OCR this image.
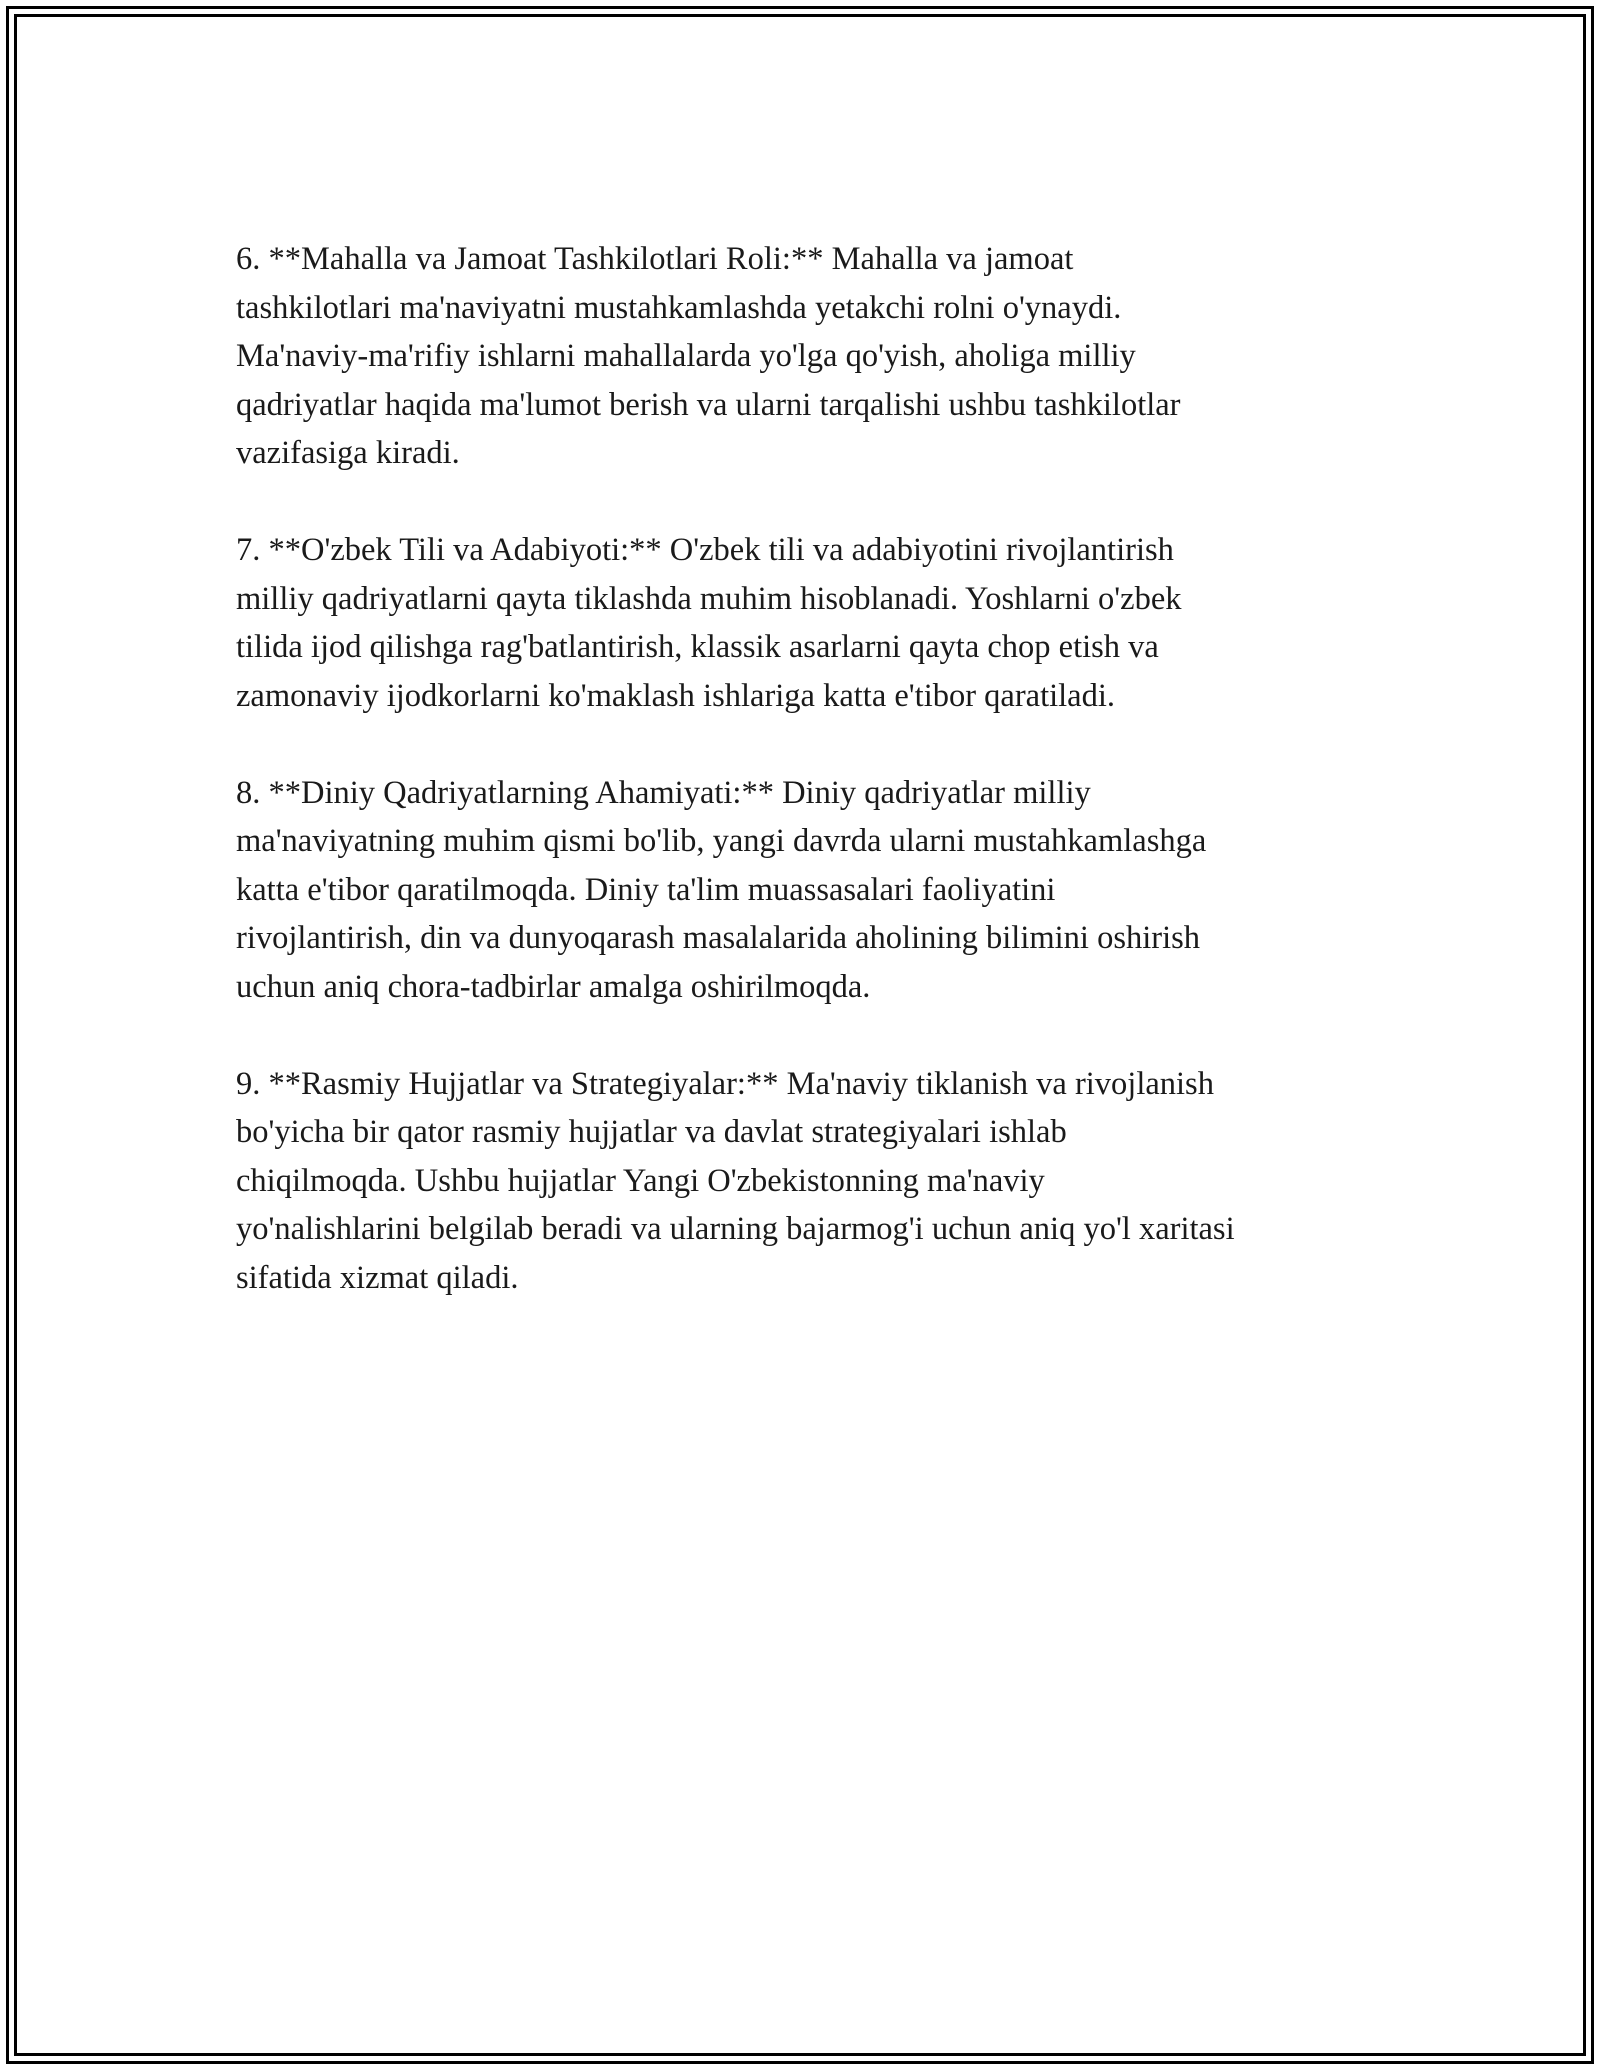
6. **Mahalla va Jamoat Tashkilotlari Roli:** Mahalla va jamoat
tashkilotlari ma'naviyatni mustahkamlashda yetakchi rolni o'ynaydi.
Ma'naviy-ma'rifiy ishlarni mahallalarda yo'lga qo'yish, aholiga milliy
qadriyatlar haqida ma'lumot berish va ularni tarqalishi ushbu tashkilotlar
vazifasiga kiradi.

7. **O'zbek Tili va Adabiyoti:** O'zbek tili va adabiyotini rivojlantirish
milliy qadriyatlarni qayta tiklashda muhim hisoblanadi. Yoshlarni o'zbek
tilida ijod qilishga rag'batlantirish, klassik asarlarni qayta chop etish va
zamonaviy ijodkorlarni ko'maklash ishlariga katta e'tibor qaratiladi.

8. **Diniy Qadriyatlarning Ahamiyati:** Diniy qadriyatlar milliy
ma'naviyatning muhim qismi bo'lib, yangi davrda ularni mustahkamlashga
katta e'tibor qaratilmoqda. Diniy ta'lim muassasalari faoliyatini
rivojlantirish, din va dunyoqarash masalalarida aholining bilimini oshirish
uchun aniq chora-tadbirlar amalga oshirilmoqda.

9. **Rasmiy Hujjatlar va Strategiyalar:** Ma'naviy tiklanish va rivojlanish
bo'yicha bir qator rasmiy hujjatlar va davlat strategiyalari ishlab
chiqilmoqda. Ushbu hujjatlar Yangi O'zbekistonning ma'naviy
yo'nalishlarini belgilab beradi va ularning bajarmog'i uchun aniq yo'l xaritasi
sifatida xizmat qiladi.
